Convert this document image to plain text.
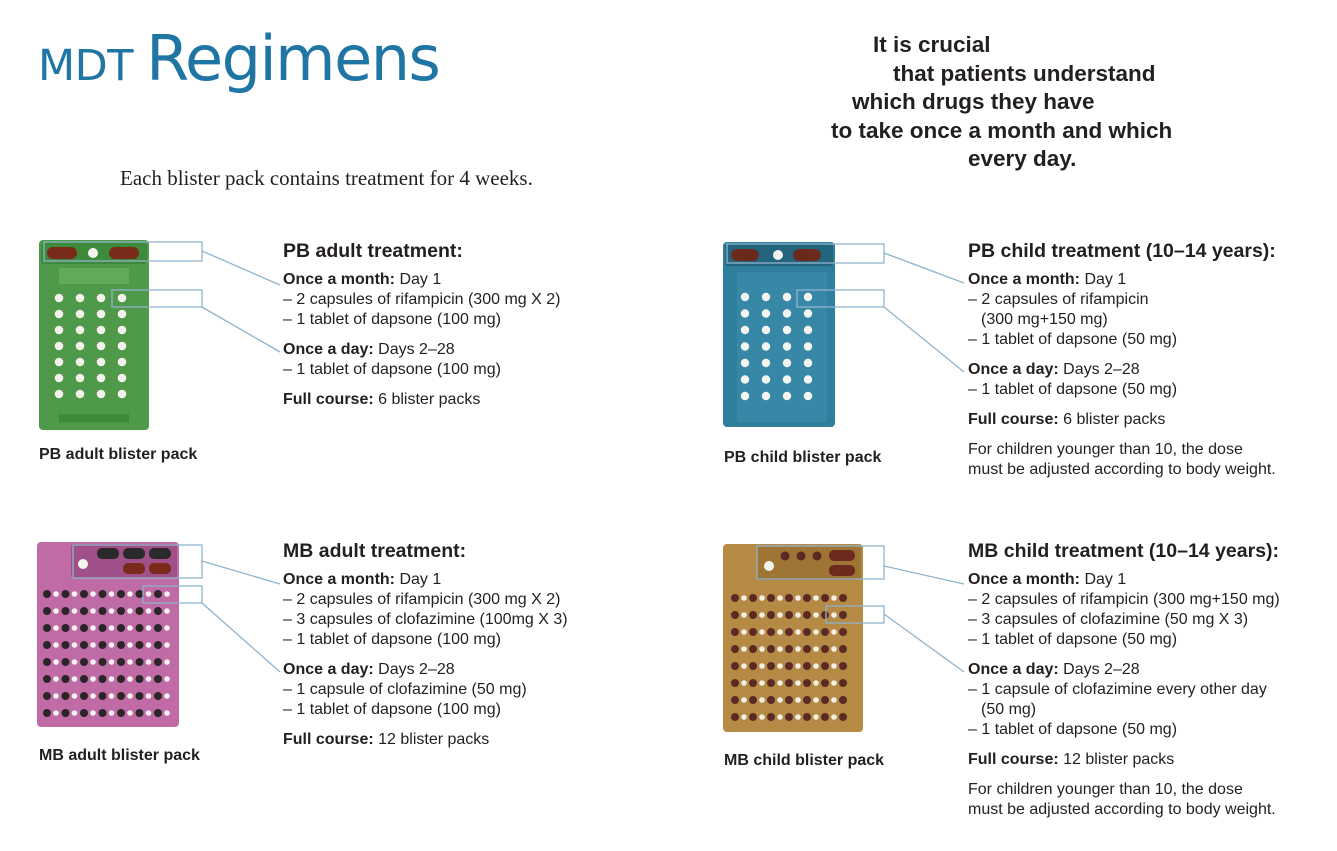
MDT Regimens
Each blister pack contains treatment for 4 weeks.
It is crucial
that patients understand
which drugs they have
to take once a month and which
every day.
PB adult blister pack
PB adult treatment:
Once a month: Day 1
– 2 capsules of rifampicin (300 mg X 2)
– 1 tablet of dapsone (100 mg)
Once a day: Days 2–28
– 1 tablet of dapsone (100 mg)
Full course: 6 blister packs
PB child blister pack
PB child treatment (10–14 years):
Once a month: Day 1
– 2 capsules of rifampicin
(300 mg+150 mg)
– 1 tablet of dapsone (50 mg)
Once a day: Days 2–28
– 1 tablet of dapsone (50 mg)
Full course: 6 blister packs
For children younger than 10, the dose
must be adjusted according to body weight.
MB adult blister pack
MB adult treatment:
Once a month: Day 1
– 2 capsules of rifampicin (300 mg X 2)
– 3 capsules of clofazimine (100mg X 3)
– 1 tablet of dapsone (100 mg)
Once a day: Days 2–28
– 1 capsule of clofazimine (50 mg)
– 1 tablet of dapsone (100 mg)
Full course: 12 blister packs
MB child blister pack
MB child treatment (10–14 years):
Once a month: Day 1
– 2 capsules of rifampicin (300 mg+150 mg)
– 3 capsules of clofazimine (50 mg X 3)
– 1 tablet of dapsone (50 mg)
Once a day: Days 2–28
– 1 capsule of clofazimine every other day
(50 mg)
– 1 tablet of dapsone (50 mg)
Full course: 12 blister packs
For children younger than 10, the dose
must be adjusted according to body weight.
